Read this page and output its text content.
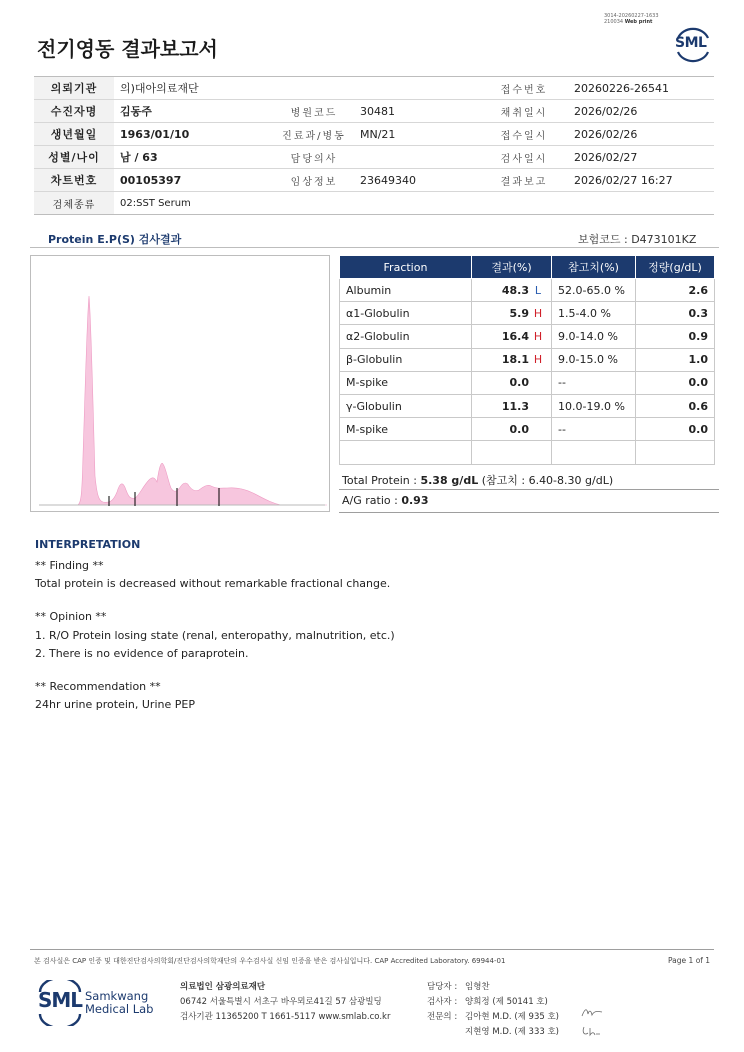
3014-20260227-1633
210034 Web print
전기영동 결과보고서	SML
의뢰기관	의)대아의료재단			접수번호	20260226-26541
수진자명	김동주	병원코드	30481	채취일시	2026/02/26
생년월일	1963/01/10	진료과/병동	MN/21	접수일시	2026/02/26
성별/나이	남 / 63	담당의사		검사일시	2026/02/27
차트번호	00105397	임상정보	23649340	결과보고	2026/02/27 16:27
검체종류	02:SST Serum				
Protein E.P(S) 검사결과	보험코드 : D473101KZ
Fraction	결과(%)	참고치(%)	정량(g/dL)
Albumin	48.3 L	52.0-65.0 %	2.6
α1-Globulin	5.9 H	1.5-4.0 %	0.3
α2-Globulin	16.4 H	9.0-14.0 %	0.9
β-Globulin	18.1 H	9.0-15.0 %	1.0
M-spike	0.0	--	0.0
γ-Globulin	11.3	10.0-19.0 %	0.6
M-spike	0.0	--	0.0

Total Protein : 5.38 g/dL (참고치 : 6.40-8.30 g/dL)
A/G ratio : 0.93
INTERPRETATION
** Finding **
Total protein is decreased without remarkable fractional change.
** Opinion **
1. R/O Protein losing state (renal, enteropathy, malnutrition, etc.)
2. There is no evidence of paraprotein.
** Recommendation **
24hr urine protein, Urine PEP
본 검사실은 CAP 인증 및 대한진단검사의학회/진단검사의학재단의 우수검사실 신임 인증을 받은 검사실입니다. CAP Accredited Laboratory. 69944-01	Page 1 of 1
SML Samkwang
Medical Lab
의료법인 삼광의료재단
06742 서울특별시 서초구 바우뫼로41길 57 삼광빌딩
검사기관 11365200 T 1661-5117 www.smlab.co.kr
담당자 : 임형찬
검사자 : 양희정 (제 50141 호)
전문의 : 김아현 M.D. (제 935 호)
지현영 M.D. (제 333 호)
